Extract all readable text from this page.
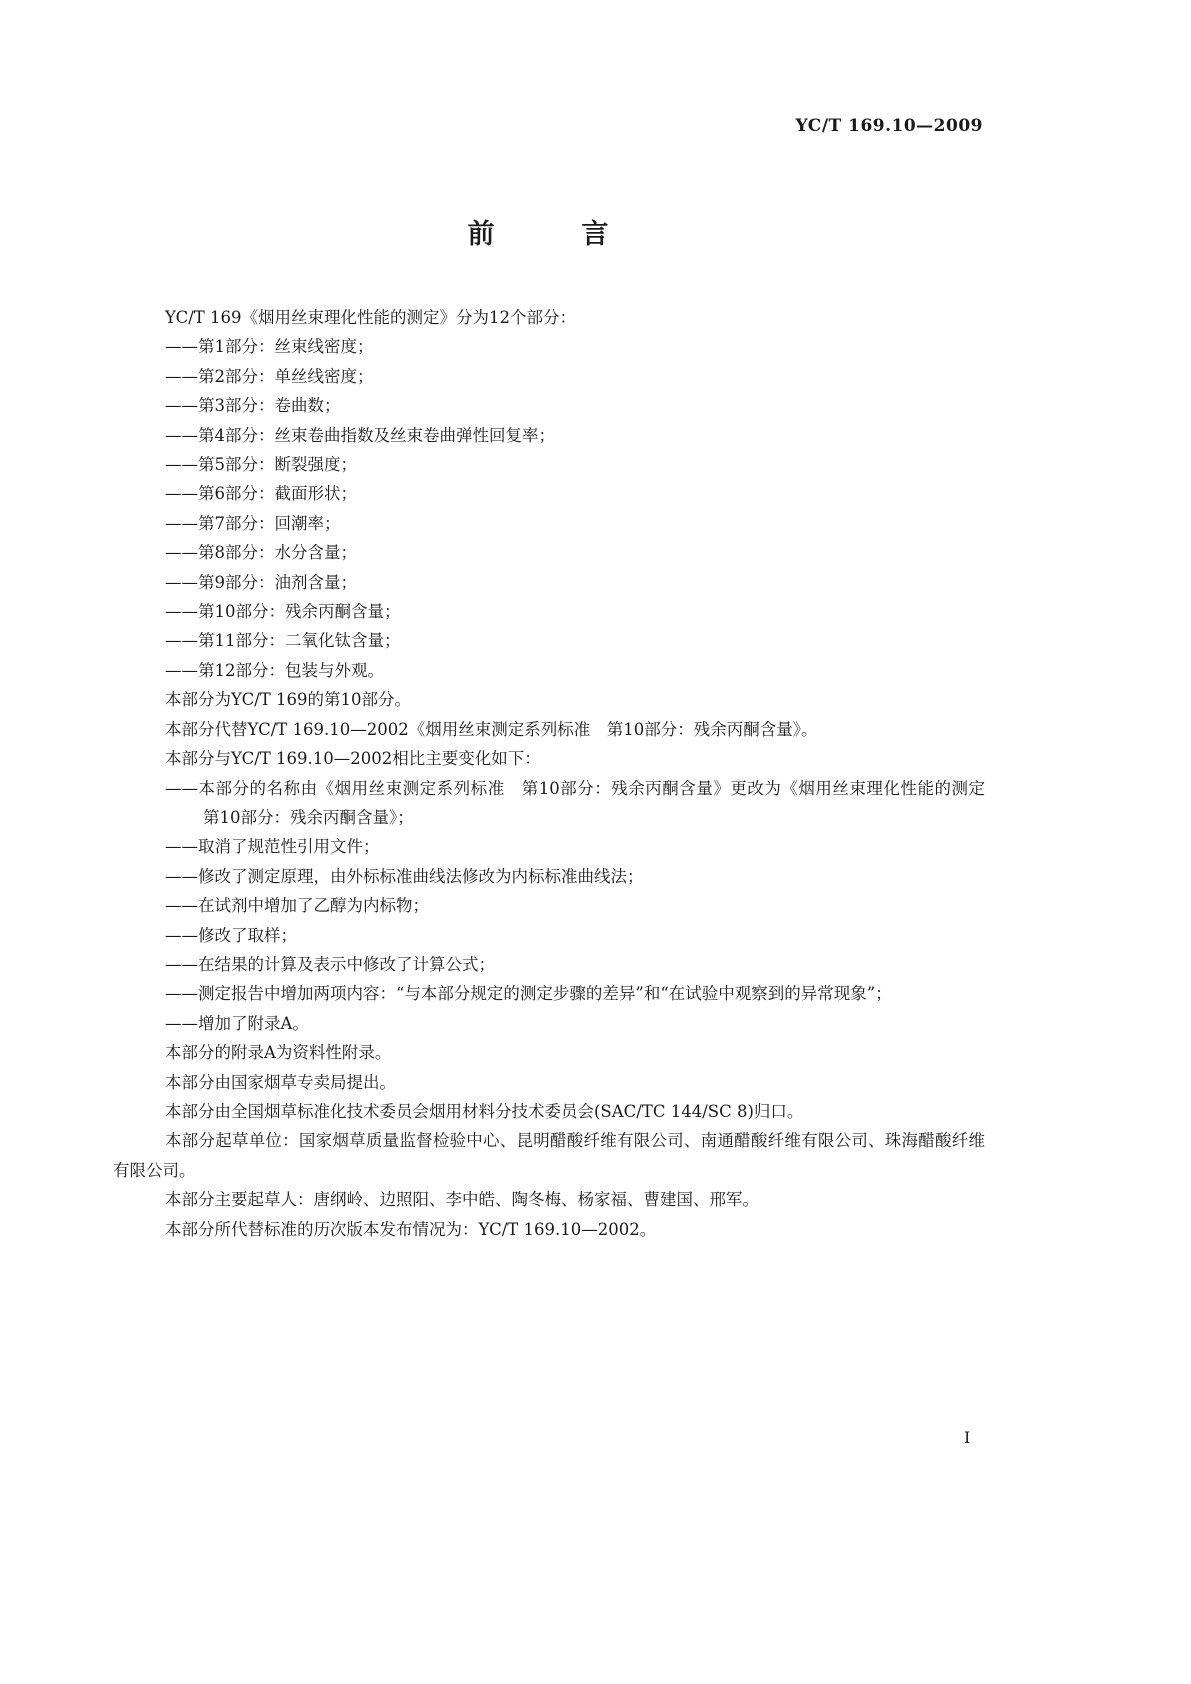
YC/T 169.10—2009
前　言

YC/T 169《烟用丝束理化性能的测定》分为12个部分：

——第1部分：丝束线密度；

——第2部分：单丝线密度；

——第3部分：卷曲数；

——第4部分：丝束卷曲指数及丝束卷曲弹性回复率；

——第5部分：断裂强度；

——第6部分：截面形状；

——第7部分：回潮率；

——第8部分：水分含量；

——第9部分：油剂含量；

——第10部分：残余丙酮含量；

——第11部分：二氧化钛含量；

——第12部分：包装与外观。

本部分为YC/T 169的第10部分。

本部分代替YC/T 169.10—2002《烟用丝束测定系列标准　第10部分：残余丙酮含量》。

本部分与YC/T 169.10—2002相比主要变化如下：

——本部分的名称由《烟用丝束测定系列标准　第10部分：残余丙酮含量》更改为《烟用丝束理化性能的测定　第10部分：残余丙酮含量》；

——取消了规范性引用文件；

——修改了测定原理，由外标标准曲线法修改为内标标准曲线法；

——在试剂中增加了乙醇为内标物；

——修改了取样；

——在结果的计算及表示中修改了计算公式；

——测定报告中增加两项内容：“与本部分规定的测定步骤的差异”和“在试验中观察到的异常现象”；

——增加了附录A。

本部分的附录A为资料性附录。

本部分由国家烟草专卖局提出。

本部分由全国烟草标准化技术委员会烟用材料分技术委员会(SAC/TC 144/SC 8)归口。

本部分起草单位：国家烟草质量监督检验中心、昆明醋酸纤维有限公司、南通醋酸纤维有限公司、珠海醋酸纤维有限公司。

本部分主要起草人：唐纲岭、边照阳、李中皓、陶冬梅、杨家福、曹建国、邢军。

本部分所代替标准的历次版本发布情况为：YC/T 169.10—2002。

I
